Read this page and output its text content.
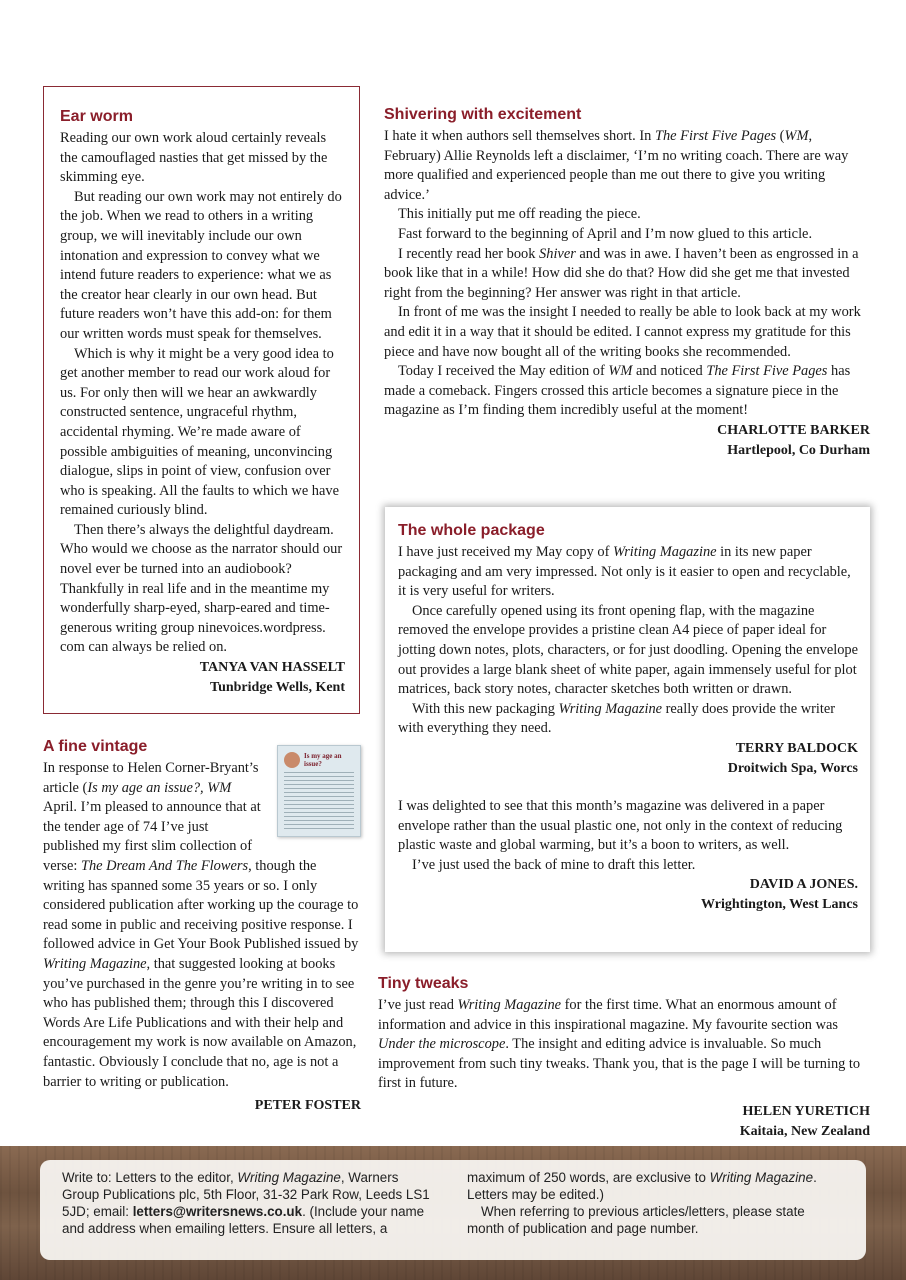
Ear worm

Reading our own work aloud certainly reveals the camouflaged nasties that get missed by the skimming eye.

But reading our own work may not entirely do the job. When we read to others in a writing group, we will inevitably include our own intonation and expression to convey what we intend future readers to experience: what we as the creator hear clearly in our own head. But future readers won’t have this add-on: for them our written words must speak for themselves.

Which is why it might be a very good idea to get another member to read our work aloud for us. For only then will we hear an awkwardly constructed sentence, ungraceful rhythm, accidental rhyming. We’re made aware of possible ambiguities of meaning, unconvincing dialogue, slips in point of view, confusion over who is speaking. All the faults to which we have remained curiously blind.

Then there’s always the delightful daydream. Who would we choose as the narrator should our novel ever be turned into an audiobook? Thankfully in real life and in the meantime my wonderfully sharp-eyed, sharp-eared and time-generous writing group ninevoices.wordpress. com can always be relied on.

TANYA VAN HASSELT
Tunbridge Wells, Kent
A fine vintage
Is my age an issue?

In response to Helen Corner-Bryant’s article (Is my age an issue?, WM April. I’m pleased to announce that at the tender age of 74 I’ve just published my first slim collection of verse: The Dream And The Flowers, though the writing has spanned some 35 years or so. I only considered publication after working up the courage to read some in public and receiving positive response. I followed advice in Get Your Book Published issued by Writing Magazine, that suggested looking at books you’ve purchased in the genre you’re writing in to see who has published them; through this I discovered Words Are Life Publications and with their help and encouragement my work is now available on Amazon, fantastic. Obviously I conclude that no, age is not a barrier to writing or publication.

PETER FOSTER
Shivering with excitement

I hate it when authors sell themselves short. In The First Five Pages (WM, February) Allie Reynolds left a disclaimer, ‘I’m no writing coach. There are way more qualified and experienced people than me out there to give you writing advice.’

This initially put me off reading the piece.

Fast forward to the beginning of April and I’m now glued to this article.

I recently read her book Shiver and was in awe. I haven’t been as engrossed in a book like that in a while! How did she do that? How did she get me that invested right from the beginning? Her answer was right in that article.

In front of me was the insight I needed to really be able to look back at my work and edit it in a way that it should be edited. I cannot express my gratitude for this piece and have now bought all of the writing books she recommended.

Today I received the May edition of WM and noticed The First Five Pages has made a comeback. Fingers crossed this article becomes a signature piece in the magazine as I’m finding them incredibly useful at the moment!

CHARLOTTE BARKER
Hartlepool, Co Durham
The whole package

I have just received my May copy of Writing Magazine in its new paper packaging and am very impressed. Not only is it easier to open and recyclable, it is very useful for writers.

Once carefully opened using its front opening flap, with the magazine removed the envelope provides a pristine clean A4 piece of paper ideal for jotting down notes, plots, characters, or for just doodling. Opening the envelope out provides a large blank sheet of white paper, again immensely useful for plot matrices, back story notes, character sketches both written or drawn.

With this new packaging Writing Magazine really does provide the writer with everything they need.

TERRY BALDOCK
Droitwich Spa, Worcs

I was delighted to see that this month’s magazine was delivered in a paper envelope rather than the usual plastic one, not only in the context of reducing plastic waste and global warming, but it’s a boon to writers, as well.

I’ve just used the back of mine to draft this letter.

DAVID A JONES.
Wrightington, West Lancs
Tiny tweaks

I’ve just read Writing Magazine for the first time. What an enormous amount of information and advice in this inspirational magazine. My favourite section was Under the microscope. The insight and editing advice is invaluable. So much improvement from such tiny tweaks. Thank you, that is the page I will be turning to first in future.

HELEN YURETICH
Kaitaia, New Zealand
Write to: Letters to the editor, Writing Magazine, Warners Group Publications plc, 5th Floor, 31-32 Park Row, Leeds LS1 5JD; email: letters@writersnews.co.uk. (Include your name and address when emailing letters. Ensure all letters, a
maximum of 250 words, are exclusive to Writing Magazine. Letters may be edited.)
When referring to previous articles/letters, please state month of publication and page number.
